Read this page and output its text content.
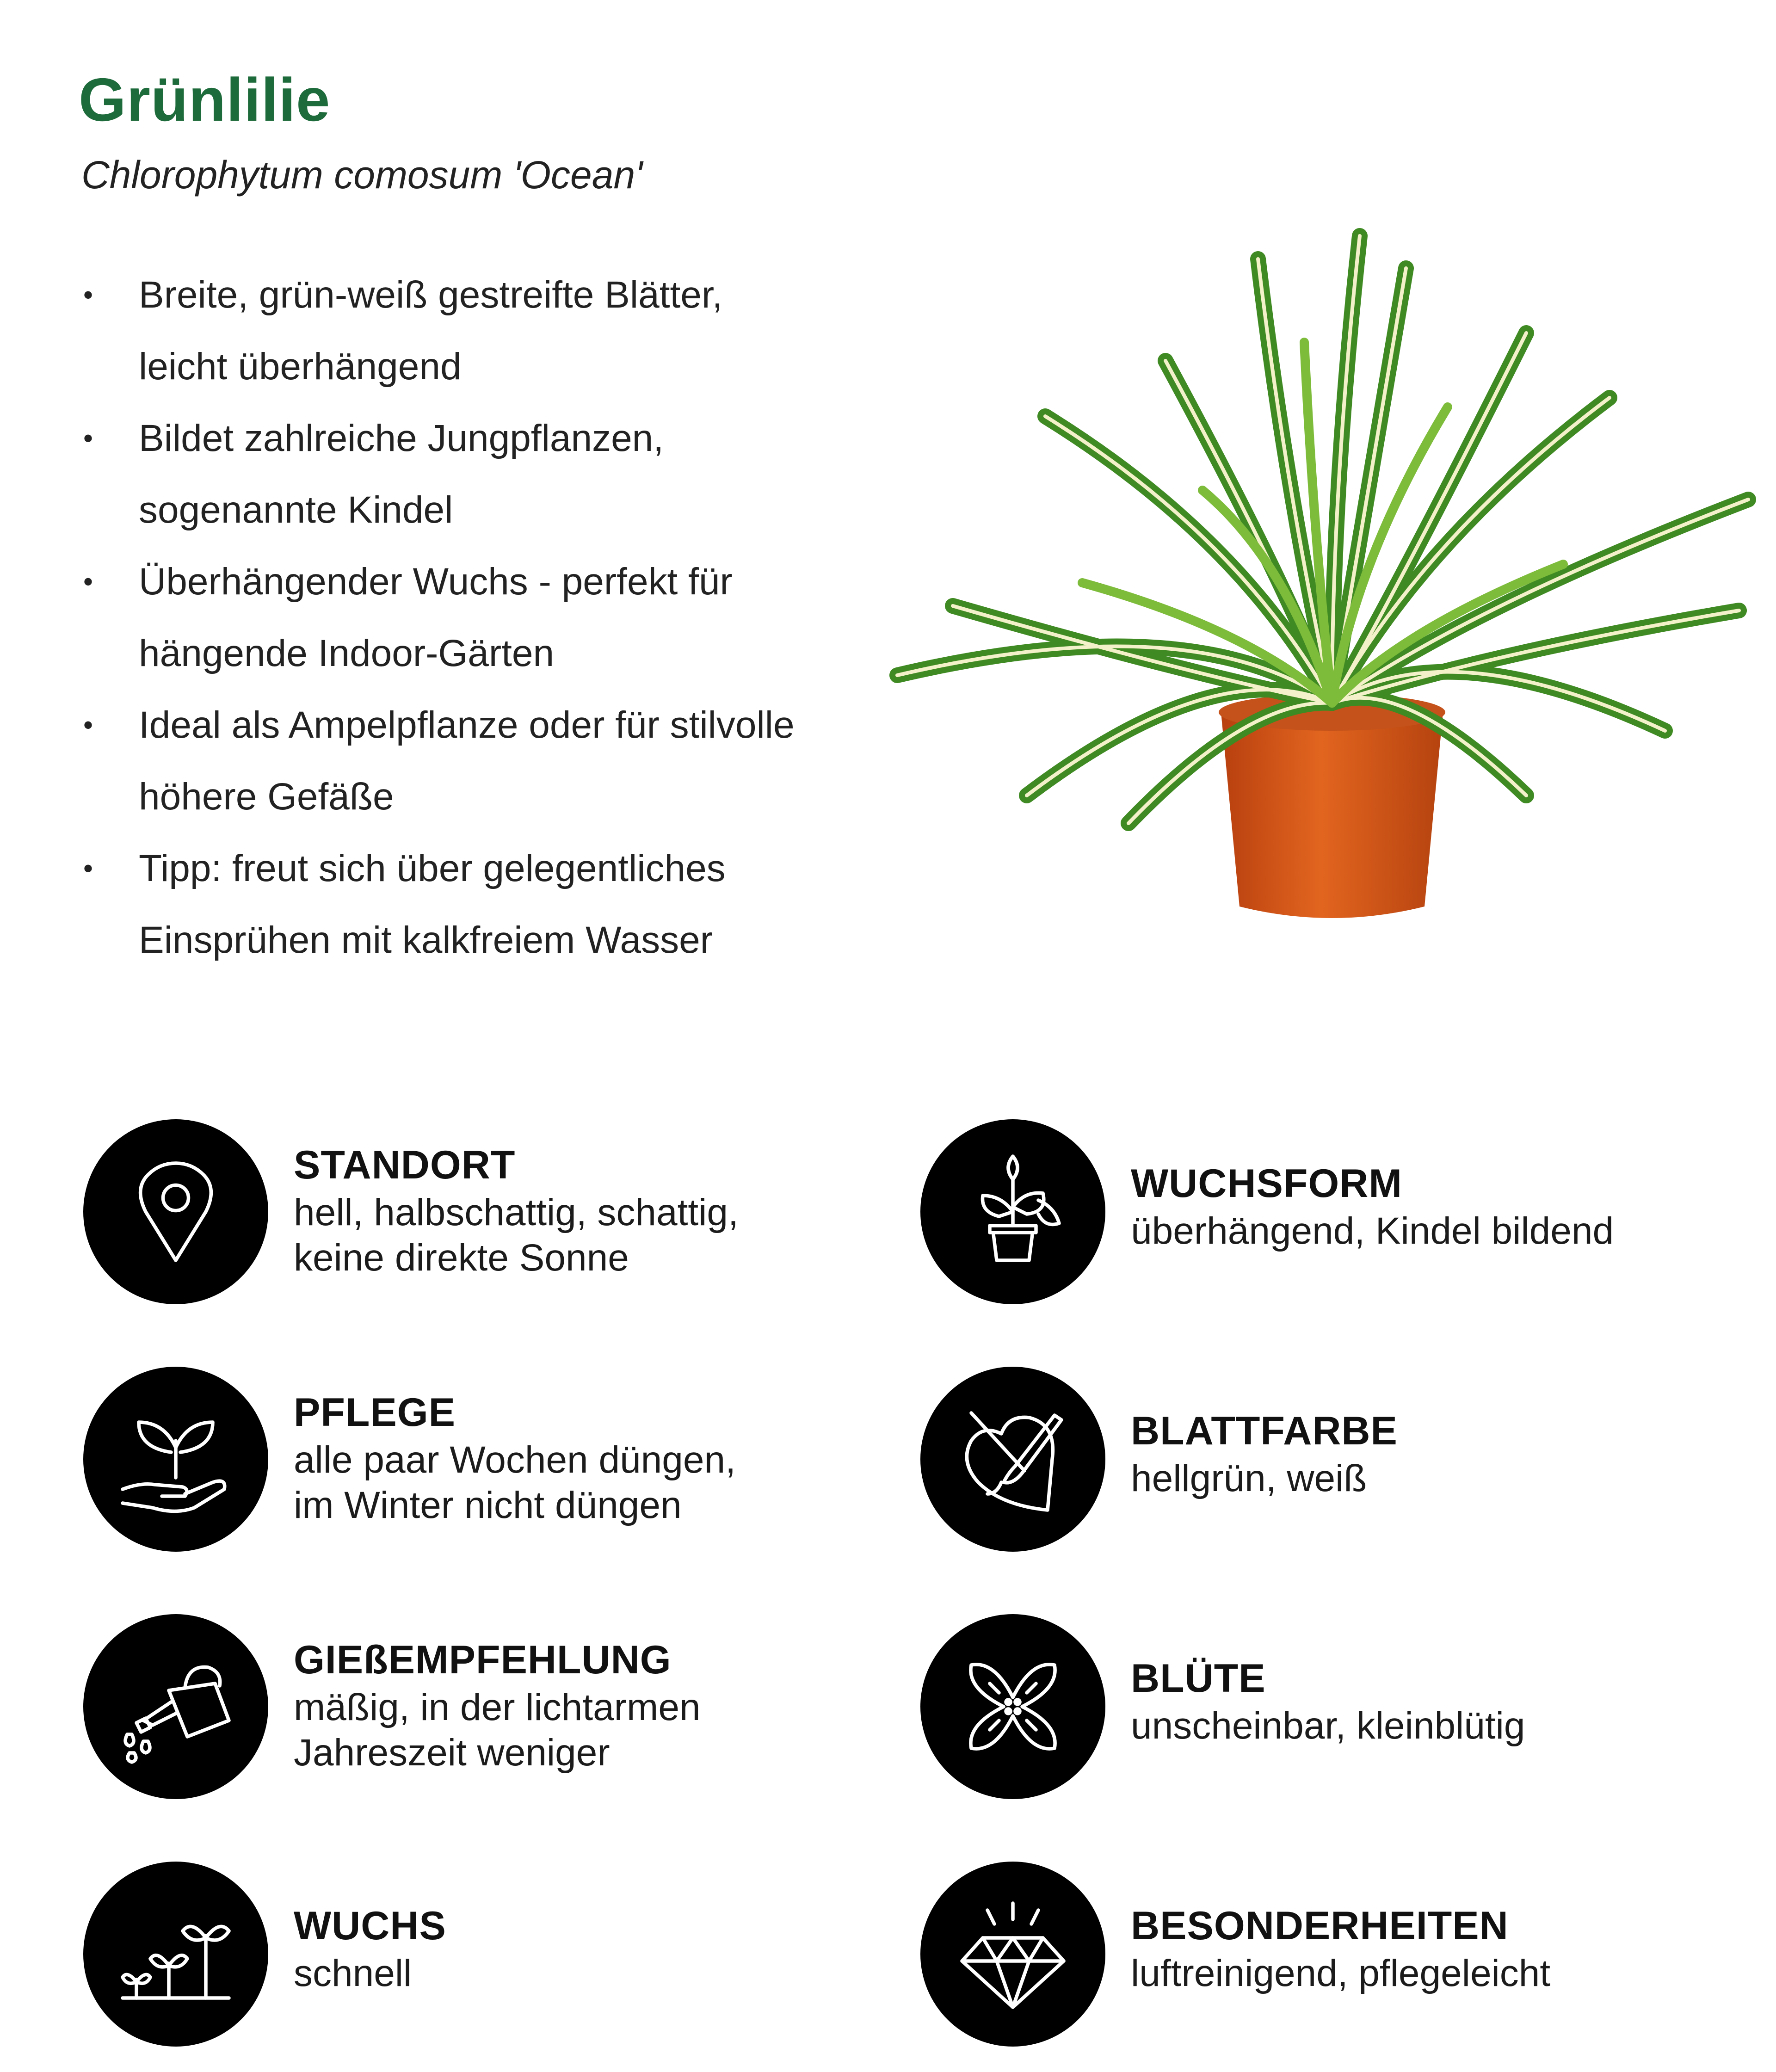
Grünlilie

Chlorophytum comosum 'Ocean'

• Breite, grün-weiß gestreifte Blätter,
leicht überhängend
• Bildet zahlreiche Jungpflanzen,
sogenannte Kindel
• Überhängender Wuchs - perfekt für
hängende Indoor-Gärten
• Ideal als Ampelpflanze oder für stilvolle
höhere Gefäße
• Tipp: freut sich über gelegentliches
Einsprühen mit kalkfreiem Wasser
STANDORT
hell, halbschattig, schattig,
keine direkte Sonne
WUCHSFORM
überhängend, Kindel bildend
PFLEGE
alle paar Wochen düngen,
im Winter nicht düngen
BLATTFARBE
hellgrün, weiß
GIEßEMPFEHLUNG
mäßig, in der lichtarmen
Jahreszeit weniger
BLÜTE
unscheinbar, kleinblütig
WUCHS
schnell
BESONDERHEITEN
luftreinigend, pflegeleicht
